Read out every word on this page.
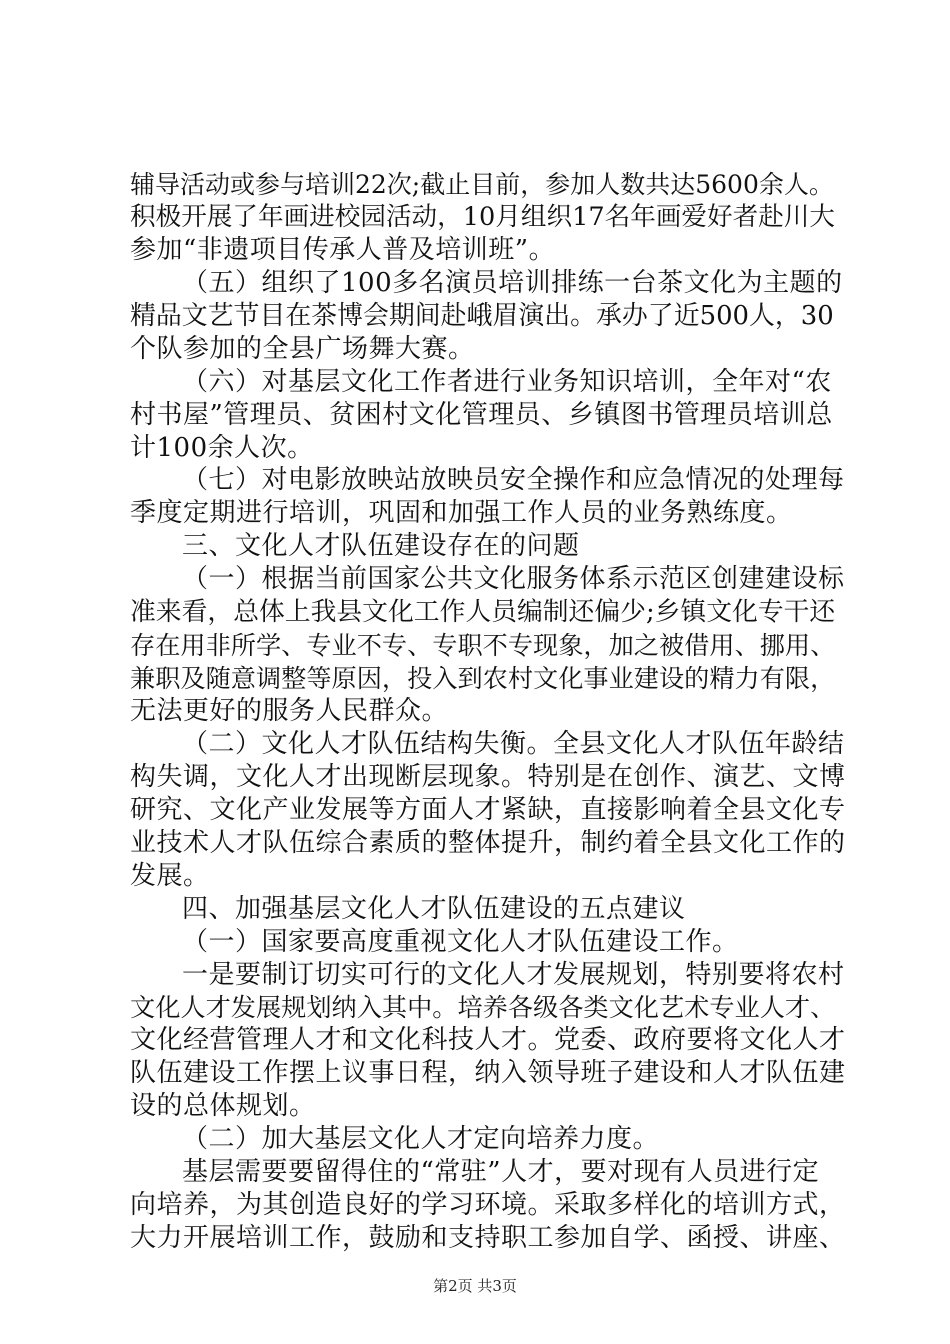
辅导活动或参与培训22次;截止目前，参加人数共达5600余人。

积极开展了年画进校园活动，10月组织17名年画爱好者赴川大

参加“非遗项目传承人普及培训班”。

（五）组织了100多名演员培训排练一台茶文化为主题的

精品文艺节目在茶博会期间赴峨眉演出。承办了近500人，30

个队参加的全县广场舞大赛。

（六）对基层文化工作者进行业务知识培训，全年对“农

村书屋”管理员、贫困村文化管理员、乡镇图书管理员培训总

计100余人次。

（七）对电影放映站放映员安全操作和应急情况的处理每

季度定期进行培训，巩固和加强工作人员的业务熟练度。

三、文化人才队伍建设存在的问题

（一）根据当前国家公共文化服务体系示范区创建建设标

准来看，总体上我县文化工作人员编制还偏少;乡镇文化专干还

存在用非所学、专业不专、专职不专现象，加之被借用、挪用、

兼职及随意调整等原因，投入到农村文化事业建设的精力有限，

无法更好的服务人民群众。

（二）文化人才队伍结构失衡。全县文化人才队伍年龄结

构失调，文化人才出现断层现象。特别是在创作、演艺、文博

研究、文化产业发展等方面人才紧缺，直接影响着全县文化专

业技术人才队伍综合素质的整体提升，制约着全县文化工作的

发展。

四、加强基层文化人才队伍建设的五点建议

（一）国家要高度重视文化人才队伍建设工作。

一是要制订切实可行的文化人才发展规划，特别要将农村

文化人才发展规划纳入其中。培养各级各类文化艺术专业人才、

文化经营管理人才和文化科技人才。党委、政府要将文化人才

队伍建设工作摆上议事日程，纳入领导班子建设和人才队伍建

设的总体规划。

（二）加大基层文化人才定向培养力度。

基层需要要留得住的“常驻”人才，要对现有人员进行定

向培养，为其创造良好的学习环境。采取多样化的培训方式，

大力开展培训工作，鼓励和支持职工参加自学、函授、讲座、

第2页 共3页
